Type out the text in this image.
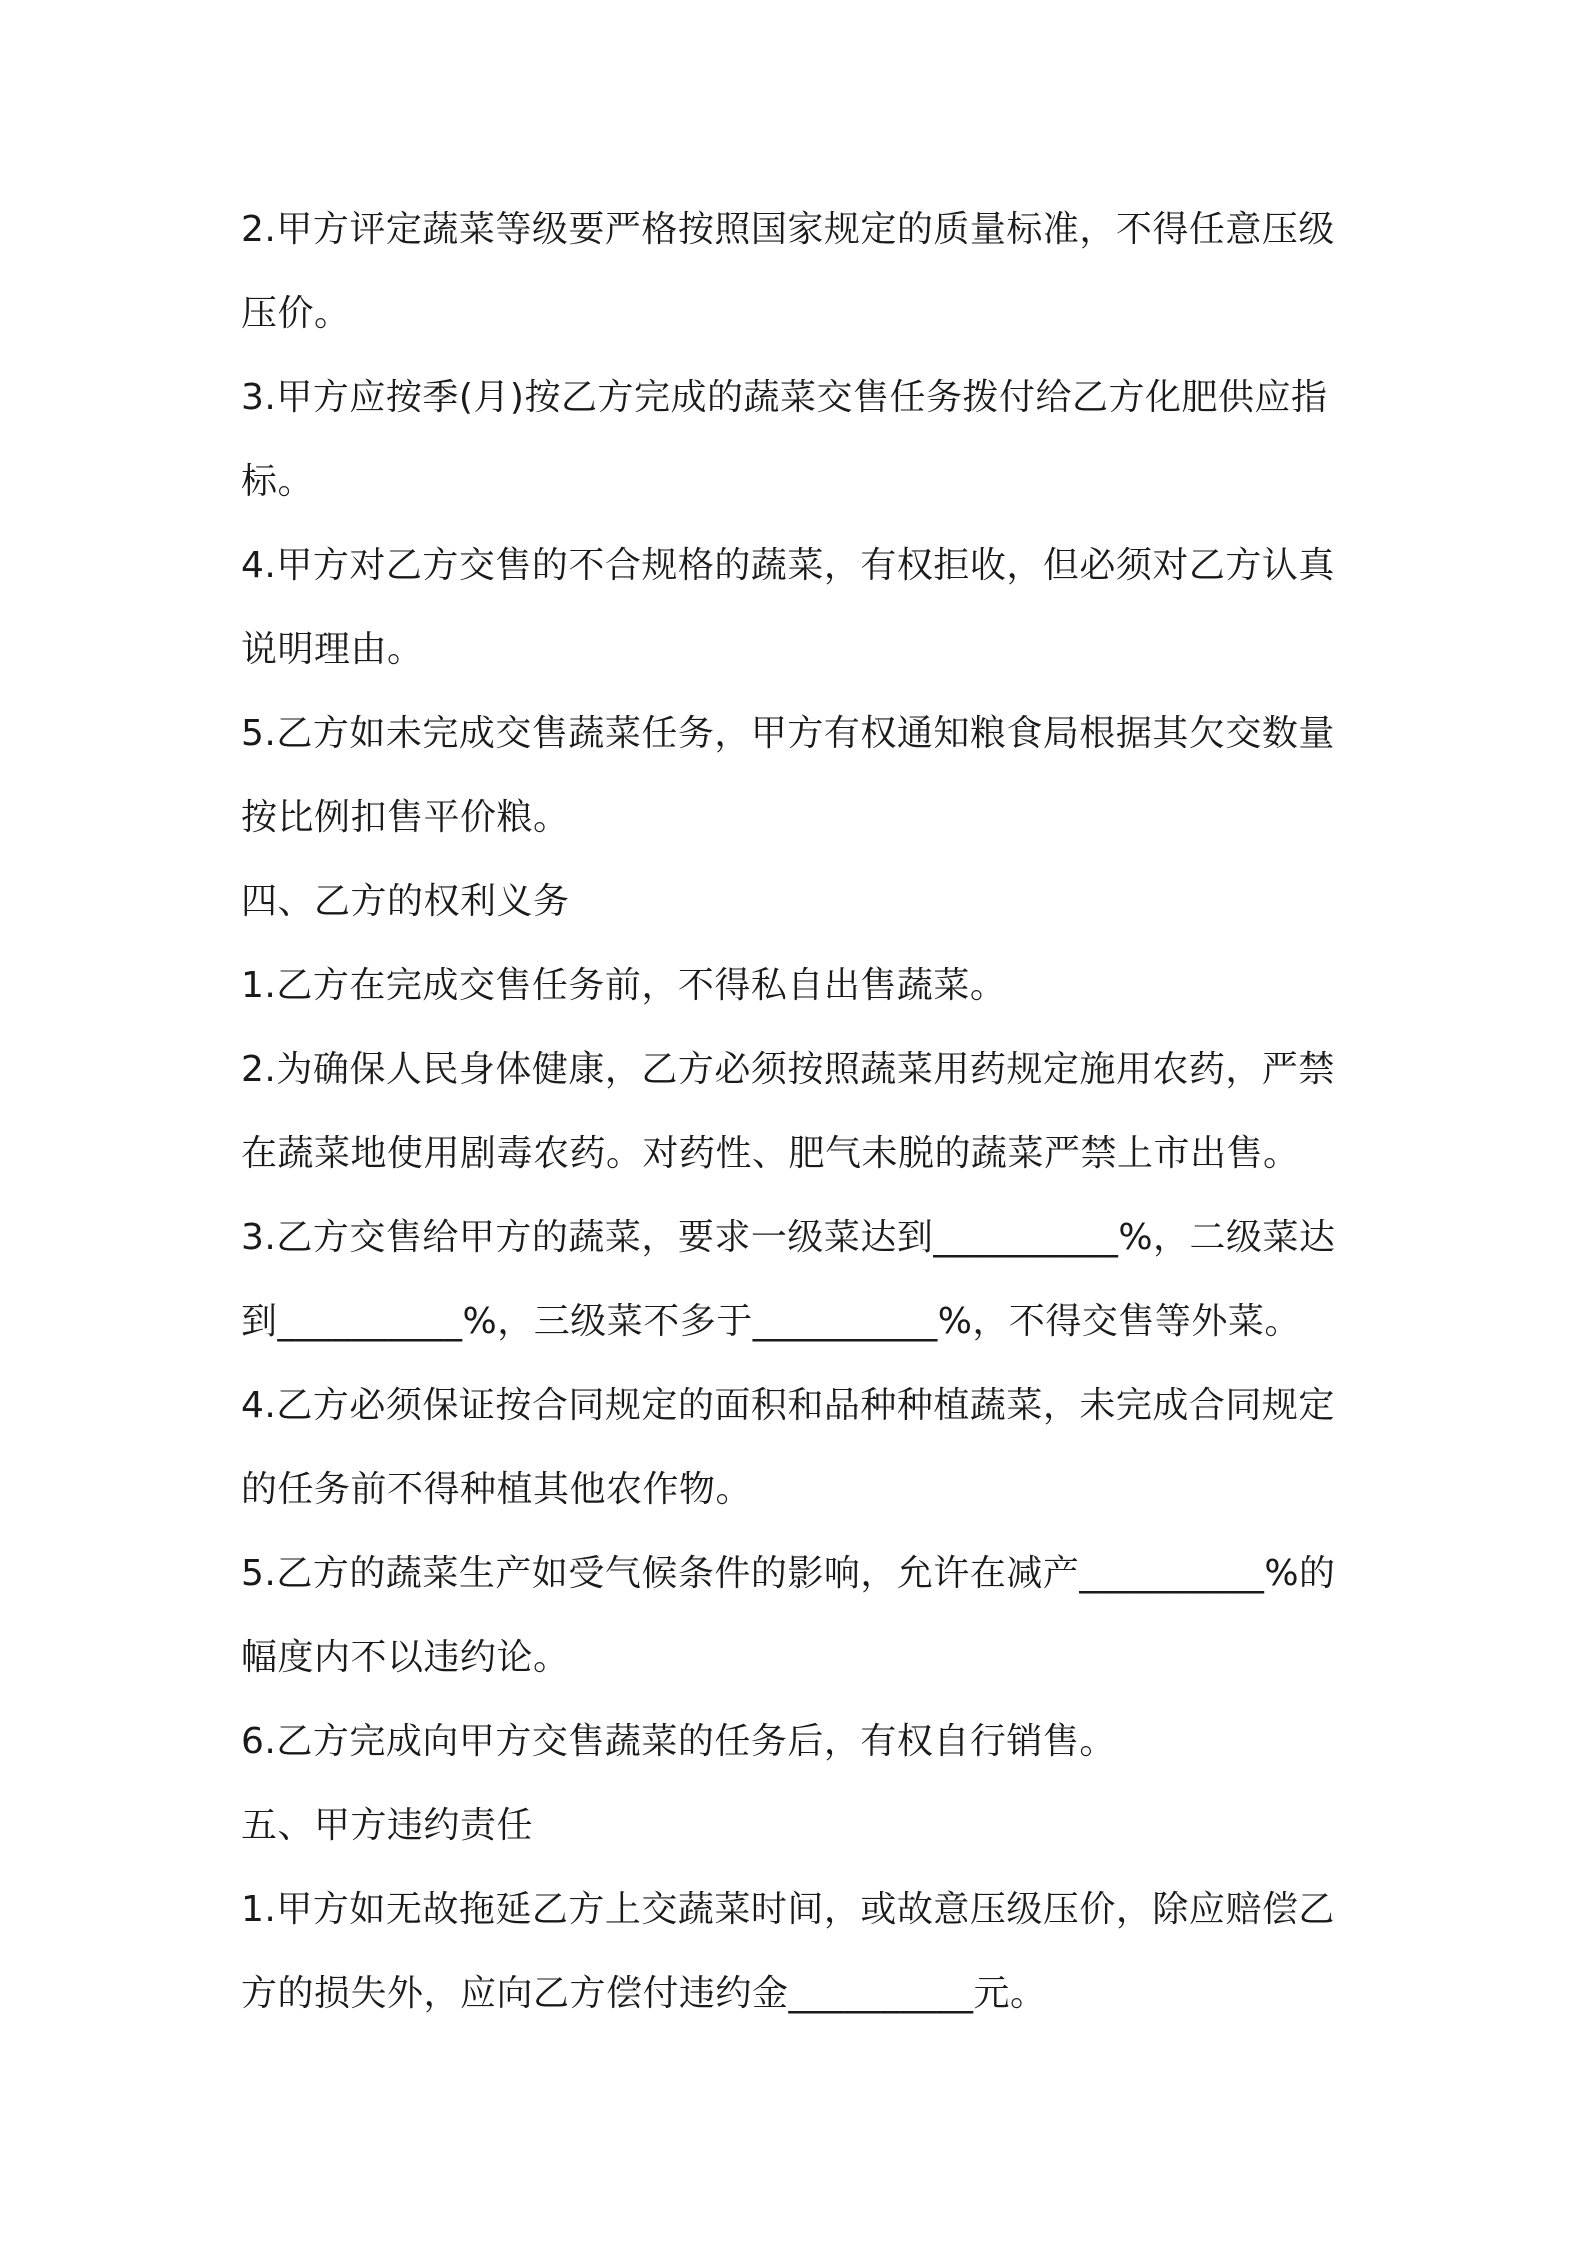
2.甲方评定蔬菜等级要严格按照国家规定的质量标准，不得任意压级压价。

3.甲方应按季(月)按乙方完成的蔬菜交售任务拨付给乙方化肥供应指标。

4.甲方对乙方交售的不合规格的蔬菜，有权拒收，但必须对乙方认真说明理由。

5.乙方如未完成交售蔬菜任务，甲方有权通知粮食局根据其欠交数量按比例扣售平价粮。

四、乙方的权利义务

1.乙方在完成交售任务前，不得私自出售蔬菜。

2.为确保人民身体健康，乙方必须按照蔬菜用药规定施用农药，严禁在蔬菜地使用剧毒农药。对药性、肥气未脱的蔬菜严禁上市出售。

3.乙方交售给甲方的蔬菜，要求一级菜达到__________%，二级菜达到__________%，三级菜不多于__________%，不得交售等外菜。

4.乙方必须保证按合同规定的面积和品种种植蔬菜，未完成合同规定的任务前不得种植其他农作物。

5.乙方的蔬菜生产如受气候条件的影响，允许在减产__________%的幅度内不以违约论。

6.乙方完成向甲方交售蔬菜的任务后，有权自行销售。

五、甲方违约责任

1.甲方如无故拖延乙方上交蔬菜时间，或故意压级压价，除应赔偿乙方的损失外，应向乙方偿付违约金__________元。
